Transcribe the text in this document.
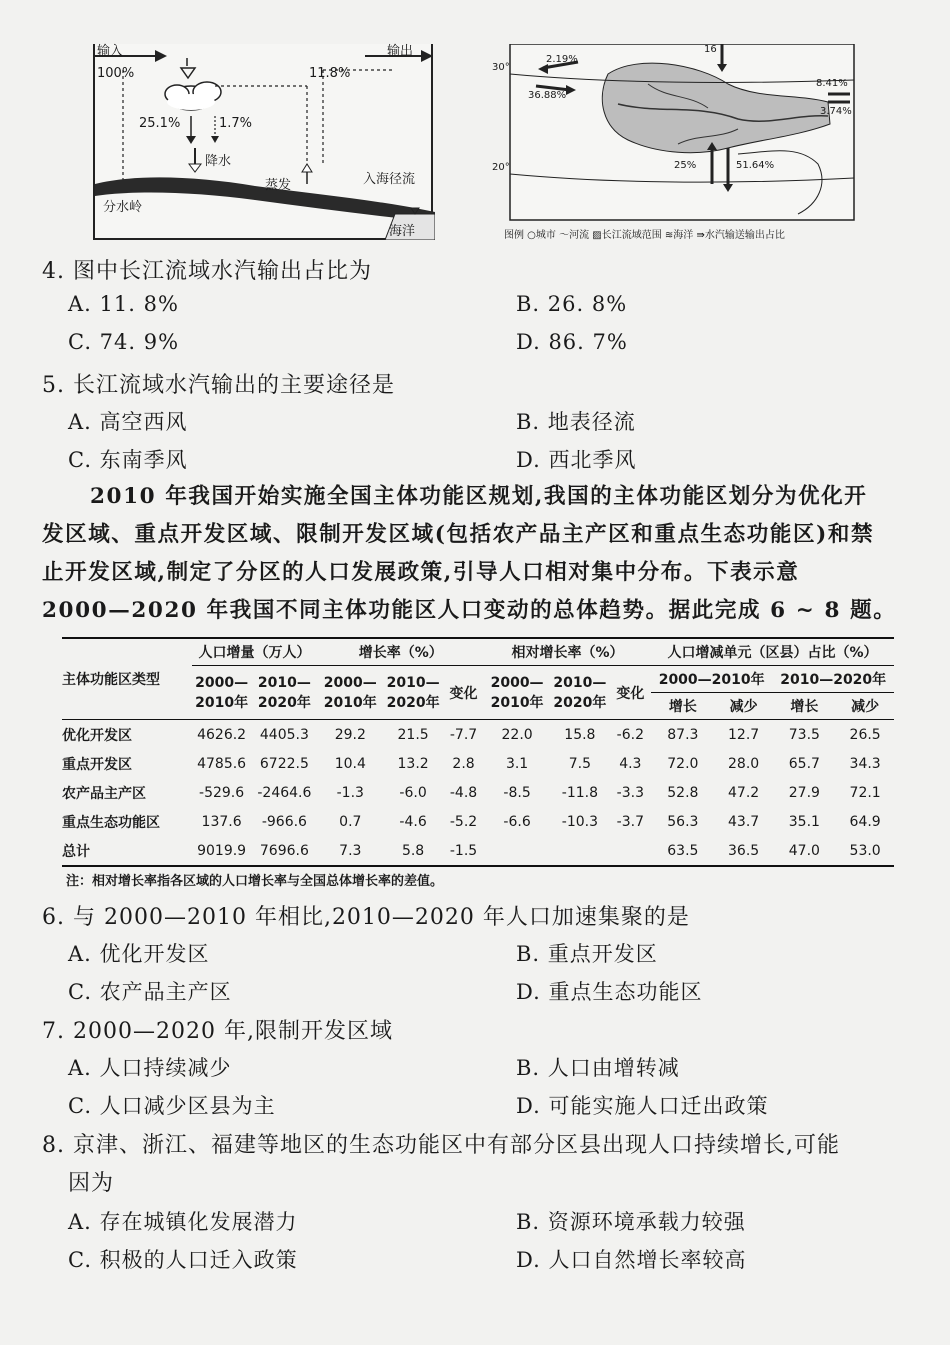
输入	输出
100%	11.8%
25.1%	1.7%
降水
蒸发	入海径流
分水岭
海洋
30°
20°
2.19%
36.88%
16
8.41%
3.74%
25%	51.64%
图例 ○城市 〜河流 ▨长江流域范围 ≋海洋 ⇛水汽输送输出占比
4. 图中长江流域水汽输出占比为
A. 11. 8%	B. 26. 8%
C. 74. 9%	D. 86. 7%
5. 长江流域水汽输出的主要途径是
A. 高空西风	B. 地表径流
C. 东南季风	D. 西北季风
2010 年我国开始实施全国主体功能区规划,我国的主体功能区划分为优化开
发区域、重点开发区域、限制开发区域(包括农产品主产区和重点生态功能区)和禁
止开发区域,制定了分区的人口发展政策,引导人口相对集中分布。下表示意
2000—2020 年我国不同主体功能区人口变动的总体趋势。据此完成 6 ~ 8 题。
主体功能区类型	人口增量（万人）		增长率（%）			相对增长率（%）			人口增减单元（区县）占比（%）			
	2000—2010年	2010—2020年	2000—2010年	2010—2020年	变化	2000—2010年	2010—2020年	变化	2000—2010年		2010—2020年	
									增长	减少	增长	减少
优化开发区	4626.2	4405.3	29.2	21.5	-7.7	22.0	15.8	-6.2	87.3	12.7	73.5	26.5
重点开发区	4785.6	6722.5	10.4	13.2	2.8	3.1	7.5	4.3	72.0	28.0	65.7	34.3
农产品主产区	-529.6	-2464.6	-1.3	-6.0	-4.8	-8.5	-11.8	-3.3	52.8	47.2	27.9	72.1
重点生态功能区	137.6	-966.6	0.7	-4.6	-5.2	-6.6	-10.3	-3.7	56.3	43.7	35.1	64.9
总计	9019.9	7696.6	7.3	5.8	-1.5				63.5	36.5	47.0	53.0
注：相对增长率指各区域的人口增长率与全国总体增长率的差值。
6. 与 2000—2010 年相比,2010—2020 年人口加速集聚的是
A. 优化开发区	B. 重点开发区
C. 农产品主产区	D. 重点生态功能区
7. 2000—2020 年,限制开发区域
A. 人口持续减少	B. 人口由增转减
C. 人口减少区县为主	D. 可能实施人口迁出政策
8. 京津、浙江、福建等地区的生态功能区中有部分区县出现人口持续增长,可能
因为
A. 存在城镇化发展潜力	B. 资源环境承载力较强
C. 积极的人口迁入政策	D. 人口自然增长率较高
